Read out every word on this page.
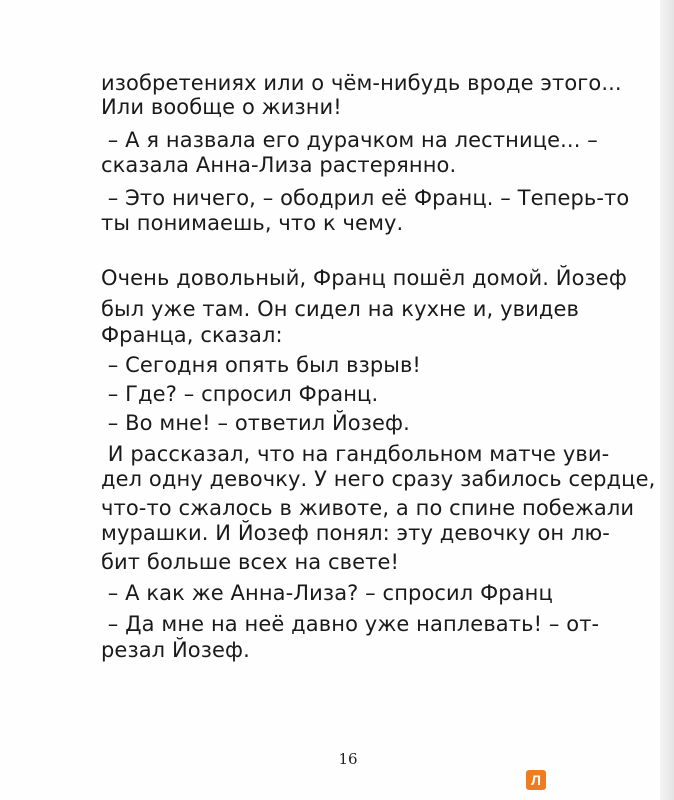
изобретениях или о чём-нибудь вроде этого...
Или вообще о жизни!
– А я назвала его дурачком на лестнице... –
сказала Анна-Лиза растерянно.
– Это ничего, – ободрил её Франц. – Теперь-то
ты понимаешь, что к чему.
Очень довольный, Франц пошёл домой. Йозеф
был уже там. Он сидел на кухне и, увидев
Франца, сказал:
– Сегодня опять был взрыв!
– Где? – спросил Франц.
– Во мне! – ответил Йозеф.
И рассказал, что на гандбольном матче уви-
дел одну девочку. У него сразу забилось сердце,
что-то сжалось в животе, а по спине побежали
мурашки. И Йозеф понял: эту девочку он лю-
бит больше всех на свете!
– А как же Анна-Лиза? – спросил Франц
– Да мне на неё давно уже наплевать! – от-
резал Йозеф.
16
Л
